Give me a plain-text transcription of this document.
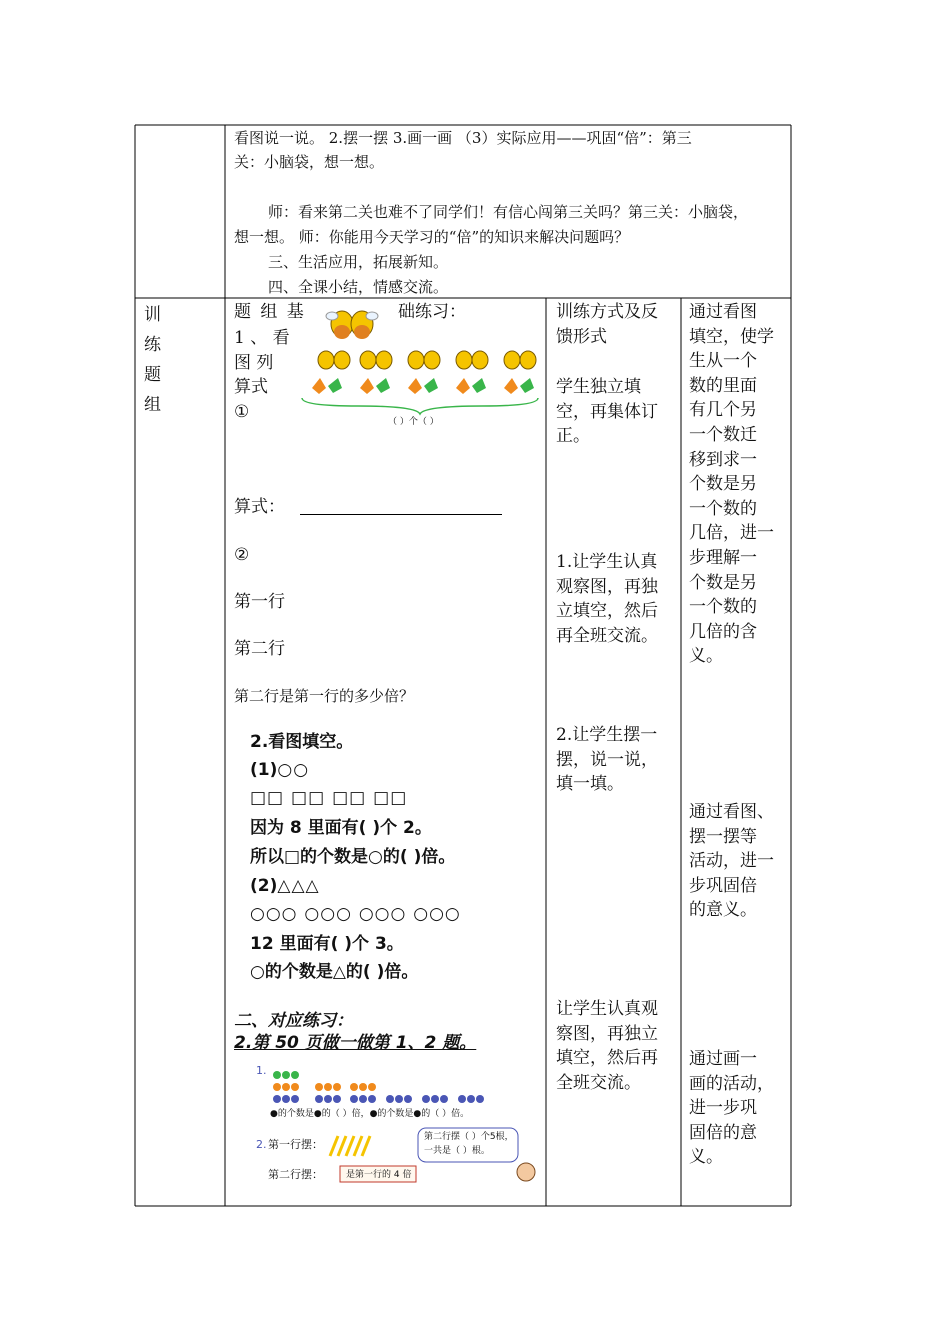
看图说一说。 2.摆一摆 3.画一画 （3）实际应用——巩固“倍”：第三
关：小脑袋，想一想。
师：看来第二关也难不了同学们！有信心闯第三关吗？第三关：小脑袋，
想一想。 师：你能用今天学习的“倍”的知识来解决问题吗？
三、生活应用，拓展新知。
四、全课小结，情感交流。
训
练
题
组
题 组 基	础练习：
1 、 看
图 列
算式
①
（ ）个（ ）
算式：
②
第一行
第二行
第二行是第一行的多少倍？
2.看图填空。
(1)○○
□□ □□ □□ □□
因为 8 里面有( )个 2。
所以□的个数是○的( )倍。
(2)△△△
○○○ ○○○ ○○○ ○○○
12 里面有( )个 3。
○的个数是△的( )倍。
二、对应练习：
2.第 50 页做一做第 1、2 题。
1.
●的个数是●的（ ）倍，●的个数是●的（ ）倍。
2. 第一行摆：
第二行摆：
第二行摆（ ）个5根，
一共是（ ）根。
是第一行的 4 倍
训练方式及反
馈形式
学生独立填
空，再集体订
正。
1.让学生认真
观察图，再独
立填空，然后
再全班交流。
2.让学生摆一
摆，说一说，
填一填。
让学生认真观
察图，再独立
填空，然后再
全班交流。
通过看图
填空，使学
生从一个
数的里面
有几个另
一个数迁
移到求一
个数是另
一个数的
几倍，进一
步理解一
个数是另
一个数的
几倍的含
义。
通过看图、
摆一摆等
活动，进一
步巩固倍
的意义。
通过画一
画的活动，
进一步巩
固倍的意
义。
